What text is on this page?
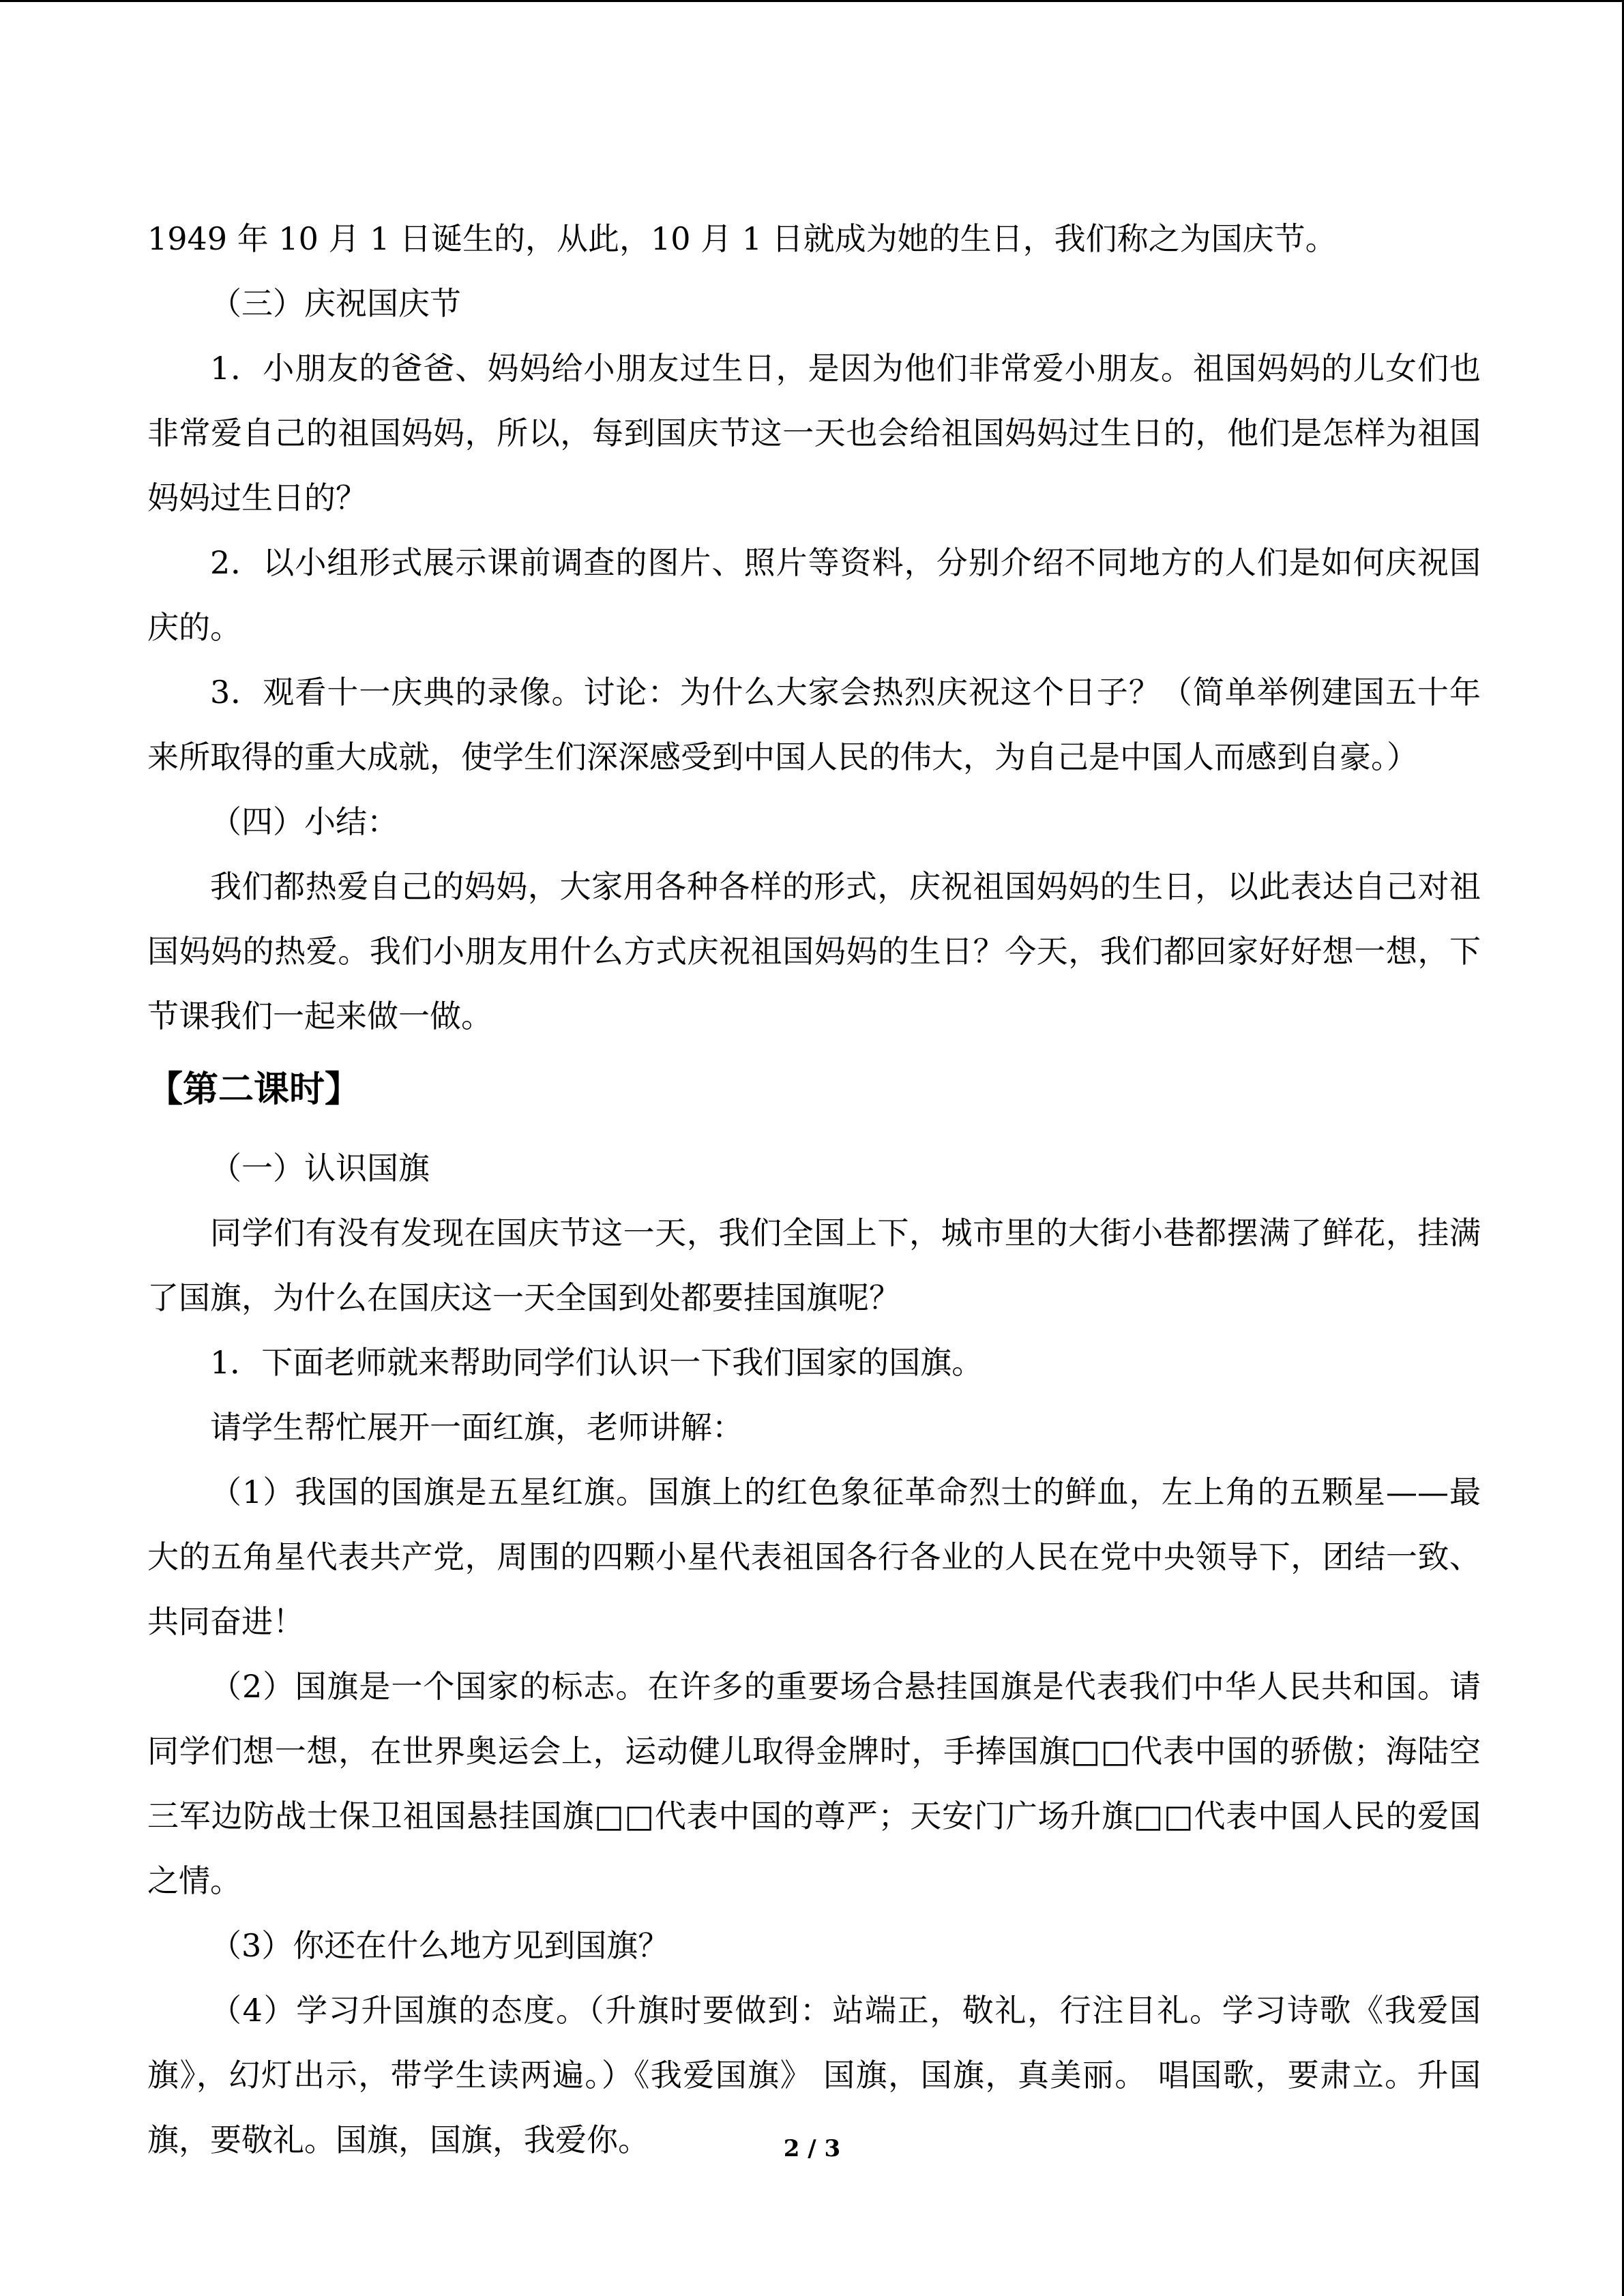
1949 年 10 月 1 日诞生的，从此，10 月 1 日就成为她的生日，我们称之为国庆节。

（三）庆祝国庆节

1．小朋友的爸爸、妈妈给小朋友过生日，是因为他们非常爱小朋友。祖国妈妈的儿女们也非常爱自己的祖国妈妈，所以，每到国庆节这一天也会给祖国妈妈过生日的，他们是怎样为祖国妈妈过生日的？

2．以小组形式展示课前调查的图片、照片等资料，分别介绍不同地方的人们是如何庆祝国庆的。

3．观看十一庆典的录像。讨论：为什么大家会热烈庆祝这个日子？（简单举例建国五十年来所取得的重大成就，使学生们深深感受到中国人民的伟大，为自己是中国人而感到自豪。）

（四）小结：

我们都热爱自己的妈妈，大家用各种各样的形式，庆祝祖国妈妈的生日，以此表达自己对祖国妈妈的热爱。我们小朋友用什么方式庆祝祖国妈妈的生日？今天，我们都回家好好想一想，下节课我们一起来做一做。

【第二课时】

（一）认识国旗

同学们有没有发现在国庆节这一天，我们全国上下，城市里的大街小巷都摆满了鲜花，挂满了国旗，为什么在国庆这一天全国到处都要挂国旗呢？

1．下面老师就来帮助同学们认识一下我们国家的国旗。

请学生帮忙展开一面红旗，老师讲解：

（1）我国的国旗是五星红旗。国旗上的红色象征革命烈士的鲜血，左上角的五颗星——最大的五角星代表共产党，周围的四颗小星代表祖国各行各业的人民在党中央领导下，团结一致、共同奋进！

（2）国旗是一个国家的标志。在许多的重要场合悬挂国旗是代表我们中华人民共和国。请同学们想一想，在世界奥运会上，运动健儿取得金牌时，手捧国旗□□代表中国的骄傲；海陆空三军边防战士保卫祖国悬挂国旗□□代表中国的尊严；天安门广场升旗□□代表中国人民的爱国之情。

（3）你还在什么地方见到国旗？

（4）学习升国旗的态度。（升旗时要做到：站端正，敬礼，行注目礼。学习诗歌《我爱国旗》，幻灯出示，带学生读两遍。）《我爱国旗》 国旗，国旗，真美丽。 唱国歌，要肃立。升国旗，要敬礼。国旗，国旗，我爱你。	2 / 3
